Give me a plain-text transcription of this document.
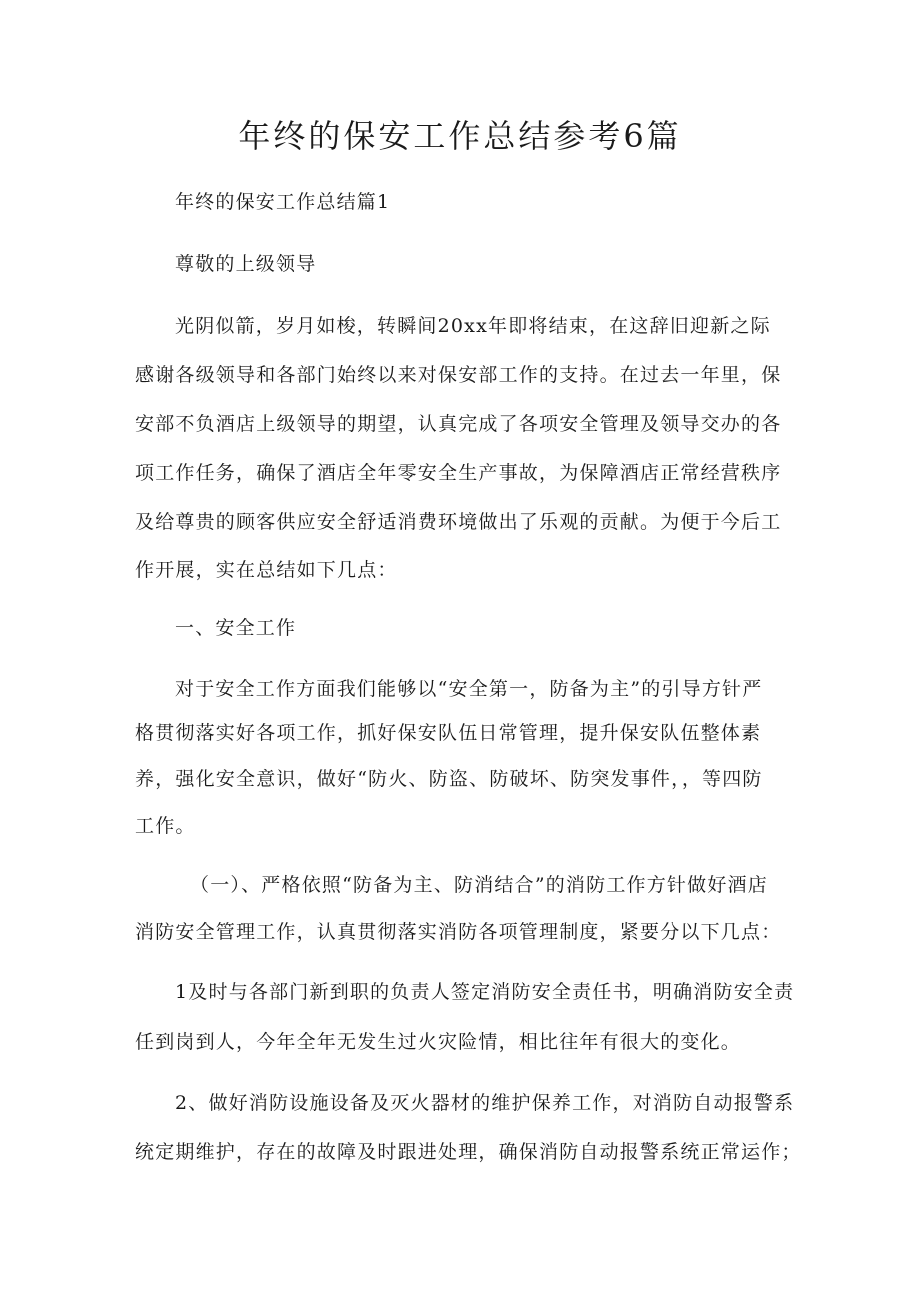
年终的保安工作总结参考6篇

年终的保安工作总结篇1

尊敬的上级领导

光阴似箭，岁月如梭，转瞬间20xx年即将结束，在这辞旧迎新之际

感谢各级领导和各部门始终以来对保安部工作的支持。在过去一年里，保

安部不负酒店上级领导的期望，认真完成了各项安全管理及领导交办的各

项工作任务，确保了酒店全年零安全生产事故，为保障酒店正常经营秩序

及给尊贵的顾客供应安全舒适消费环境做出了乐观的贡献。为便于今后工

作开展，实在总结如下几点：

一、安全工作

对于安全工作方面我们能够以“安全第一，防备为主”的引导方针严

格贯彻落实好各项工作，抓好保安队伍日常管理，提升保安队伍整体素

养，强化安全意识，做好“防火、防盗、防破坏、防突发事件，，等四防

工作。

（一）、严格依照“防备为主、防消结合”的消防工作方针做好酒店

消防安全管理工作，认真贯彻落实消防各项管理制度，紧要分以下几点：

1及时与各部门新到职的负责人签定消防安全责任书，明确消防安全责

任到岗到人，今年全年无发生过火灾险情，相比往年有很大的变化。

2、做好消防设施设备及灭火器材的维护保养工作，对消防自动报警系

统定期维护，存在的故障及时跟进处理，确保消防自动报警系统正常运作；
